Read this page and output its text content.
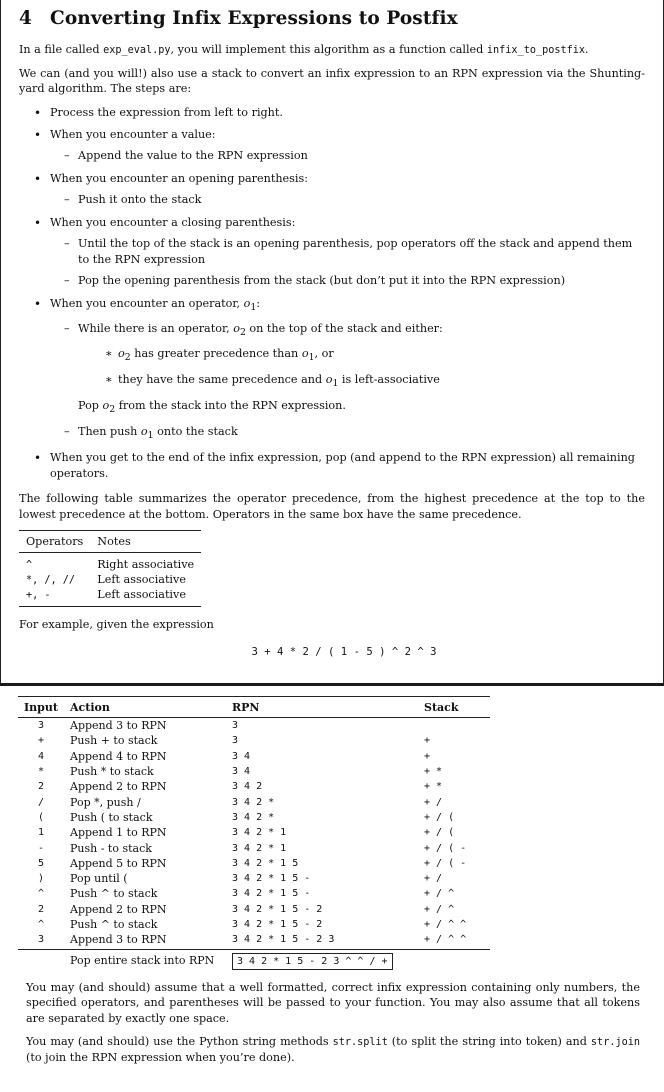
4 Converting Infix Expressions to Postfix

In a file called exp_eval.py, you will implement this algorithm as a function called infix_to_postfix.

We can (and you will!) also use a stack to convert an infix expression to an RPN expression via the Shunting-yard algorithm. The steps are:

• Process the expression from left to right.
• When you encounter a value:
– Append the value to the RPN expression
• When you encounter an opening parenthesis:
– Push it onto the stack
• When you encounter a closing parenthesis:
– Until the top of the stack is an opening parenthesis, pop operators off the stack and append them to the RPN expression
– Pop the opening parenthesis from the stack (but don’t put it into the RPN expression)
• When you encounter an operator, $o_1$:
– While there is an operator, $o_2$ on the top of the stack and either:
∗ $o_2$ has greater precedence than $o_1$, or
∗ they have the same precedence and $o_1$ is left-associative
Pop $o_2$ from the stack into the RPN expression.
– Then push $o_1$ onto the stack
• When you get to the end of the infix expression, pop (and append to the RPN expression) all remaining operators.

The following table summarizes the operator precedence, from the highest precedence at the top to the lowest precedence at the bottom. Operators in the same box have the same precedence.

Operators	Notes
^	Right associative
*, /, //	Left associative
+, -	Left associative

For example, given the expression

3 + 4 * 2 / ( 1 - 5 ) ^ 2 ^ 3
Input	Action	RPN	Stack
3	Append 3 to RPN	3	
+	Push + to stack	3	+
4	Append 4 to RPN	3 4	+
*	Push * to stack	3 4	+ *
2	Append 2 to RPN	3 4 2	+ *
/	Pop *, push /	3 4 2 *	+ /
(	Push ( to stack	3 4 2 *	+ / (
1	Append 1 to RPN	3 4 2 * 1	+ / (
-	Push - to stack	3 4 2 * 1	+ / ( -
5	Append 5 to RPN	3 4 2 * 1 5	+ / ( -
)	Pop until (	3 4 2 * 1 5 -	+ /
^	Push ^ to stack	3 4 2 * 1 5 -	+ / ^
2	Append 2 to RPN	3 4 2 * 1 5 - 2	+ / ^
^	Push ^ to stack	3 4 2 * 1 5 - 2	+ / ^ ^
3	Append 3 to RPN	3 4 2 * 1 5 - 2 3	+ / ^ ^
	Pop entire stack into RPN	3 4 2 * 1 5 - 2 3 ^ ^ / +	

You may (and should) assume that a well formatted, correct infix expression containing only numbers, the specified operators, and parentheses will be passed to your function. You may also assume that all tokens are separated by exactly one space.

You may (and should) use the Python string methods str.split (to split the string into token) and str.join (to join the RPN expression when you’re done).
